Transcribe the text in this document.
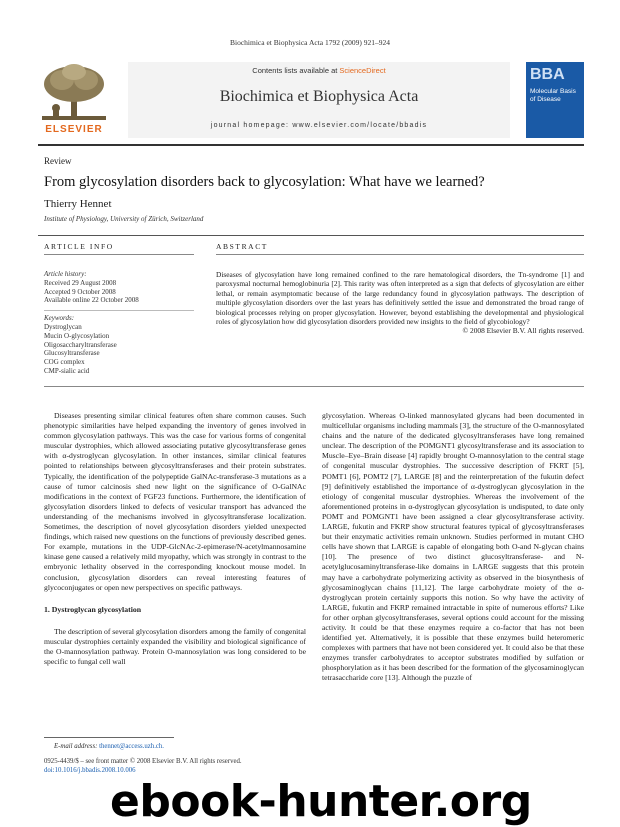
Biochimica et Biophysica Acta 1792 (2009) 921–924
ELSEVIER
Contents lists available at ScienceDirect
Biochimica et Biophysica Acta
journal homepage: www.elsevier.com/locate/bbadis
BBA
Molecular Basis of Disease
Review
From glycosylation disorders back to glycosylation: What have we learned?
Thierry Hennet
Institute of Physiology, University of Zürich, Switzerland
ARTICLE INFO	ABSTRACT
Article history:
Received 29 August 2008
Accepted 9 October 2008
Available online 22 October 2008
Keywords:
Dystroglycan
Mucin O-glycosylation
Oligosaccharyltransferase
Glucosyltransferase
COG complex
CMP-sialic acid
Diseases of glycosylation have long remained confined to the rare hematological disorders, the Tn-syndrome [1] and paroxysmal nocturnal hemoglobinuria [2]. This rarity was often interpreted as a sign that defects of glycosylation are either lethal, or remain asymptomatic because of the large redundancy found in glycosylation pathways. The description of multiple glycosylation disorders over the last years has definitively settled the issue and demonstrated the broad range of biological processes relying on proper glycosylation. However, beyond establishing the developmental and physiological roles of glycosylation how did glycosylation disorders provided new insights to the field of glycobiology?
© 2008 Elsevier B.V. All rights reserved.

Diseases presenting similar clinical features often share common causes. Such phenotypic similarities have helped expanding the inventory of genes involved in common glycosylation pathways. This was the case for various forms of congenital muscular dystrophies, which allowed associating putative glycosyltransferase genes with α-dystroglycan glycosylation. In other instances, similar clinical features pointed to relationships between glycosyltransferases and their protein substrates. Typically, the identification of the polypeptide GalNAc-transferase-3 mutations as a cause of tumor calcinosis shed new light on the significance of O-GalNAc modifications in the context of FGF23 functions. Furthermore, the identification of glycosylation disorders linked to defects of vesicular transport has advanced the understanding of the mechanisms involved in glycosyltransferase localization. Sometimes, the description of novel glycosylation disorders yielded unexpected findings, which raised new questions on the functions of previously described genes. For example, mutations in the UDP-GlcNAc-2-epimerase/N-acetylmannosamine kinase gene caused a relatively mild myopathy, which was strongly in contrast to the embryonic lethality observed in the corresponding knockout mouse model. In conclusion, glycosylation disorders can reveal interesting features of glycoconjugates or open new perspectives on specific pathways.

1. Dystroglycan glycosylation

The description of several glycosylation disorders among the family of congenital muscular dystrophies certainly expanded the visibility and biological significance of the O-mannosylation pathway. Protein O-mannosylation was long considered to be specific to fungal cell wall

glycosylation. Whereas O-linked mannosylated glycans had been documented in multicellular organisms including mammals [3], the structure of the O-mannosylated chains and the nature of the dedicated glycosyltransferases have long remained unclear. The description of the POMGNT1 glycosyltransferase and its association to Muscle–Eye–Brain disease [4] rapidly brought O-mannosylation to the central stage of congenital muscular dystrophies. The successive description of FKRT [5], POMT1 [6], POMT2 [7], LARGE [8] and the reinterpretation of the fukutin defect [9] definitively established the importance of α-dystroglycan glycosylation in the etiology of congenital muscular dystrophies. Whereas the involvement of the aforementioned proteins in α-dystroglycan glycosylation is undisputed, to date only POMT and POMGNT1 have been assigned a clear glycosyltransferase activity. LARGE, fukutin and FKRP show structural features typical of glycosyltransferases but their enzymatic activities remain unknown. Studies performed in mutant CHO cells have shown that LARGE is capable of elongating both O-and N-glycan chains [10]. The presence of two distinct glucosyltransferase- and N-acetylglucosaminyltransferase-like domains in LARGE suggests that this protein may have a carbohydrate polymerizing activity as observed in the biosynthesis of glycosaminoglycan chains [11,12]. The large carbohydrate moiety of the α-dystroglycan protein certainly supports this notion. So why have the activity of LARGE, fukutin and FKRP remained intractable in spite of numerous efforts? Like for other orphan glycosyltransferases, several options could account for the missing activity. It could be that these enzymes require a co-factor that has not been identified yet. Alternatively, it is possible that these enzymes build heteromeric complexes with partners that have not been considered yet. It could also be that these enzymes transfer carbohydrates to acceptor substrates modified by sulfation or phosphorylation as it has been described for the formation of the glycosaminoglycan tetrasaccharide core [13]. Although the puzzle of

E-mail address: thennet@access.uzh.ch.
0925-4439/$ – see front matter © 2008 Elsevier B.V. All rights reserved.
doi:10.1016/j.bbadis.2008.10.006
ebook-hunter.org
